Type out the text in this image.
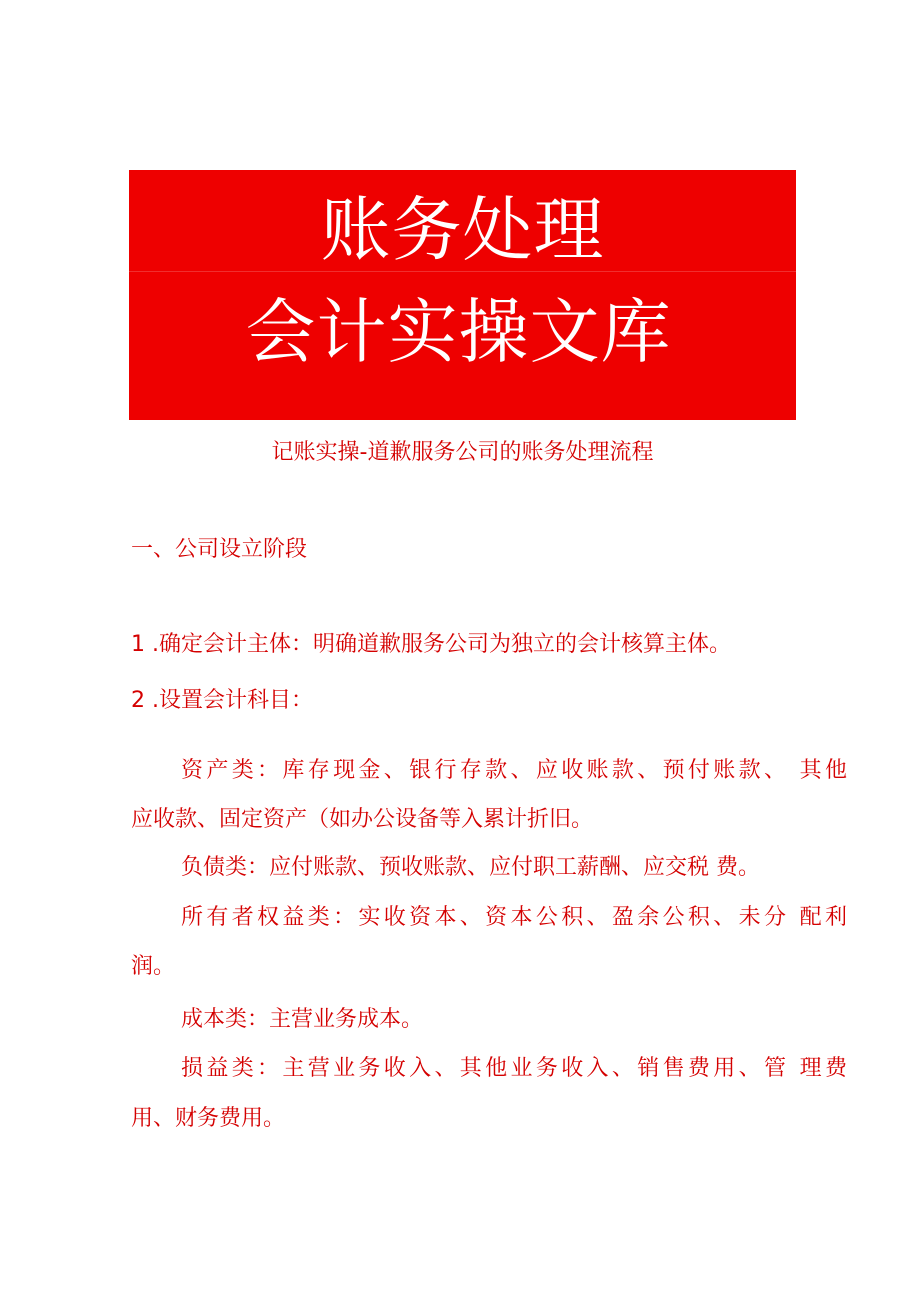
账务处理
会计实操文库
记账实操-道歉服务公司的账务处理流程
一、公司设立阶段
1 .确定会计主体：明确道歉服务公司为独立的会计核算主体。
2 .设置会计科目：
资产类：库存现金、银行存款、应收账款、预付账款、 其他
应收款、固定资产（如办公设备等入累计折旧。
负债类：应付账款、预收账款、应付职工薪酬、应交税 费。
所有者权益类：实收资本、资本公积、盈余公积、未分 配利
润。
成本类：主营业务成本。
损益类：主营业务收入、其他业务收入、销售费用、管 理费
用、财务费用。
